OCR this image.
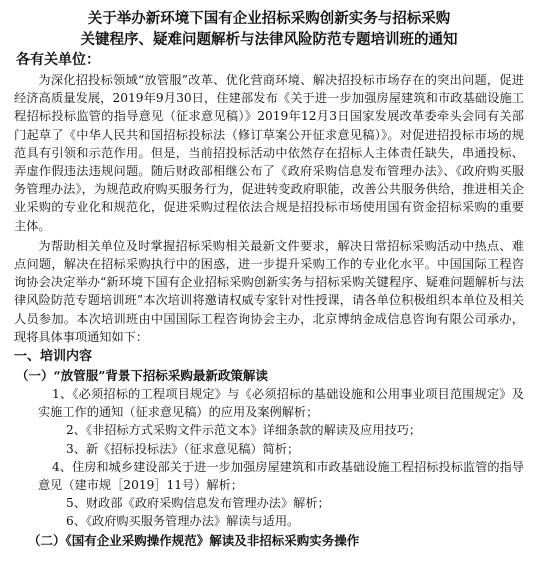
关于举办新环境下国有企业招标采购创新实务与招标采购

关键程序、疑难问题解析与法律风险防范专题培训班的通知

各有关单位：

为深化招投标领域“放管服”改革、优化营商环境、解决招投标市场存在的突出问题，促进经济高质量发展，2019年9月30日，住建部发布《关于进一步加强房屋建筑和市政基础设施工程招标投标监管的指导意见（征求意见稿）》2019年12月3日国家发展改革委牵头会同有关部门起草了《中华人民共和国招标投标法（修订草案公开征求意见稿）》。对促进招投标市场的规范具有引领和示范作用。但是，当前招投标活动中依然存在招标人主体责任缺失，串通投标、弄虚作假违法违规问题。随后财政部相继公布了《政府采购信息发布管理办法》、《政府购买服务管理办法》，为规范政府购买服务行为，促进转变政府职能，改善公共服务供给，推进相关企业采购的专业化和规范化，促进采购过程依法合规是招投标市场使用国有资金招标采购的重要主体。

为帮助相关单位及时掌握招标采购相关最新文件要求，解决日常招标采购活动中热点、难点问题，解决在招标采购执行中的困惑，进一步提升采购工作的专业化水平。中国国际工程咨询协会决定举办“新环境下国有企业招标采购创新实务与招标采购关键程序、疑难问题解析与法律风险防范专题培训班”本次培训将邀请权威专家针对性授课，请各单位积极组织本单位及相关人员参加。本次培训班由中国国际工程咨询协会主办，北京博纳金成信息咨询有限公司承办，现将具体事项通知如下：

一、培训内容

（一）“放管服”背景下招标采购最新政策解读

1、《必须招标的工程项目规定》与《必须招标的基础设施和公用事业项目范围规定》及实施工作的通知（征求意见稿）的应用及案例解析；

2、《非招标方式采购文件示范文本》详细条款的解读及应用技巧；

3、新《招标投标法》（征求意见稿）简析；

4、住房和城乡建设部关于进一步加强房屋建筑和市政基础设施工程招标投标监管的指导意见（建市规［2019］11号）解析；

5、财政部《政府采购信息发布管理办法》解析；

6、《政府购买服务管理办法》解读与适用。

（二）《国有企业采购操作规范》解读及非招标采购实务操作
